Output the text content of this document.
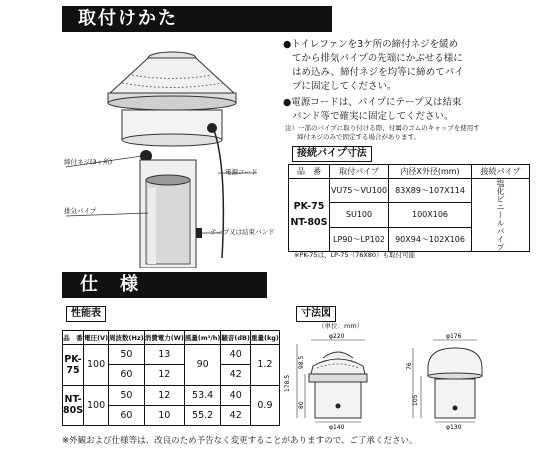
取付けかた
締付ネジ(3ヶ所)
電源コード
排気パイプ
テープ又は結束バンド
●トイレファンを3ケ所の締付ネジを緩め
てから排気パイプの先端にかぶせる様に
はめ込み、締付ネジを均等に締めてパイ
プに固定してください。
●電源コードは、パイプにテープ又は結束
バンド等で確実に固定してください。
注）一部のパイプに取り付ける際、付属のゴムのキャップを使用す
締付ネジのみで固定する場合があります。
接続パイプ寸法
品　番	取付パイプ	内径X外径(mm)	接続パイプ

PK-75
NT-80S	VU75～VU100	83X89～107X114	塩化ビニールパイプ

	SU100	100X106	
	LP90～LP102	90X94～102X106	
※PK-75は、LP-75（76X80）も取付可能
仕様
性能表
品　番	電圧(V)	周波数(Hz)	消費電力(W)	風量(m³/h)	騒音(dB)	重量(kg)
PK-75	100	50	13	90	40	1.2
		60	12		42	
NT-80S	100	50	12	53.4	40	0.9
		60	10	55.2	42	
寸法図
（単位：mm）
φ220
φ140
178.5
80
98.5
φ176
φ130
76
105
※外観および仕様等は、改良のため予告なく変更することがありますので、ご了承ください。
